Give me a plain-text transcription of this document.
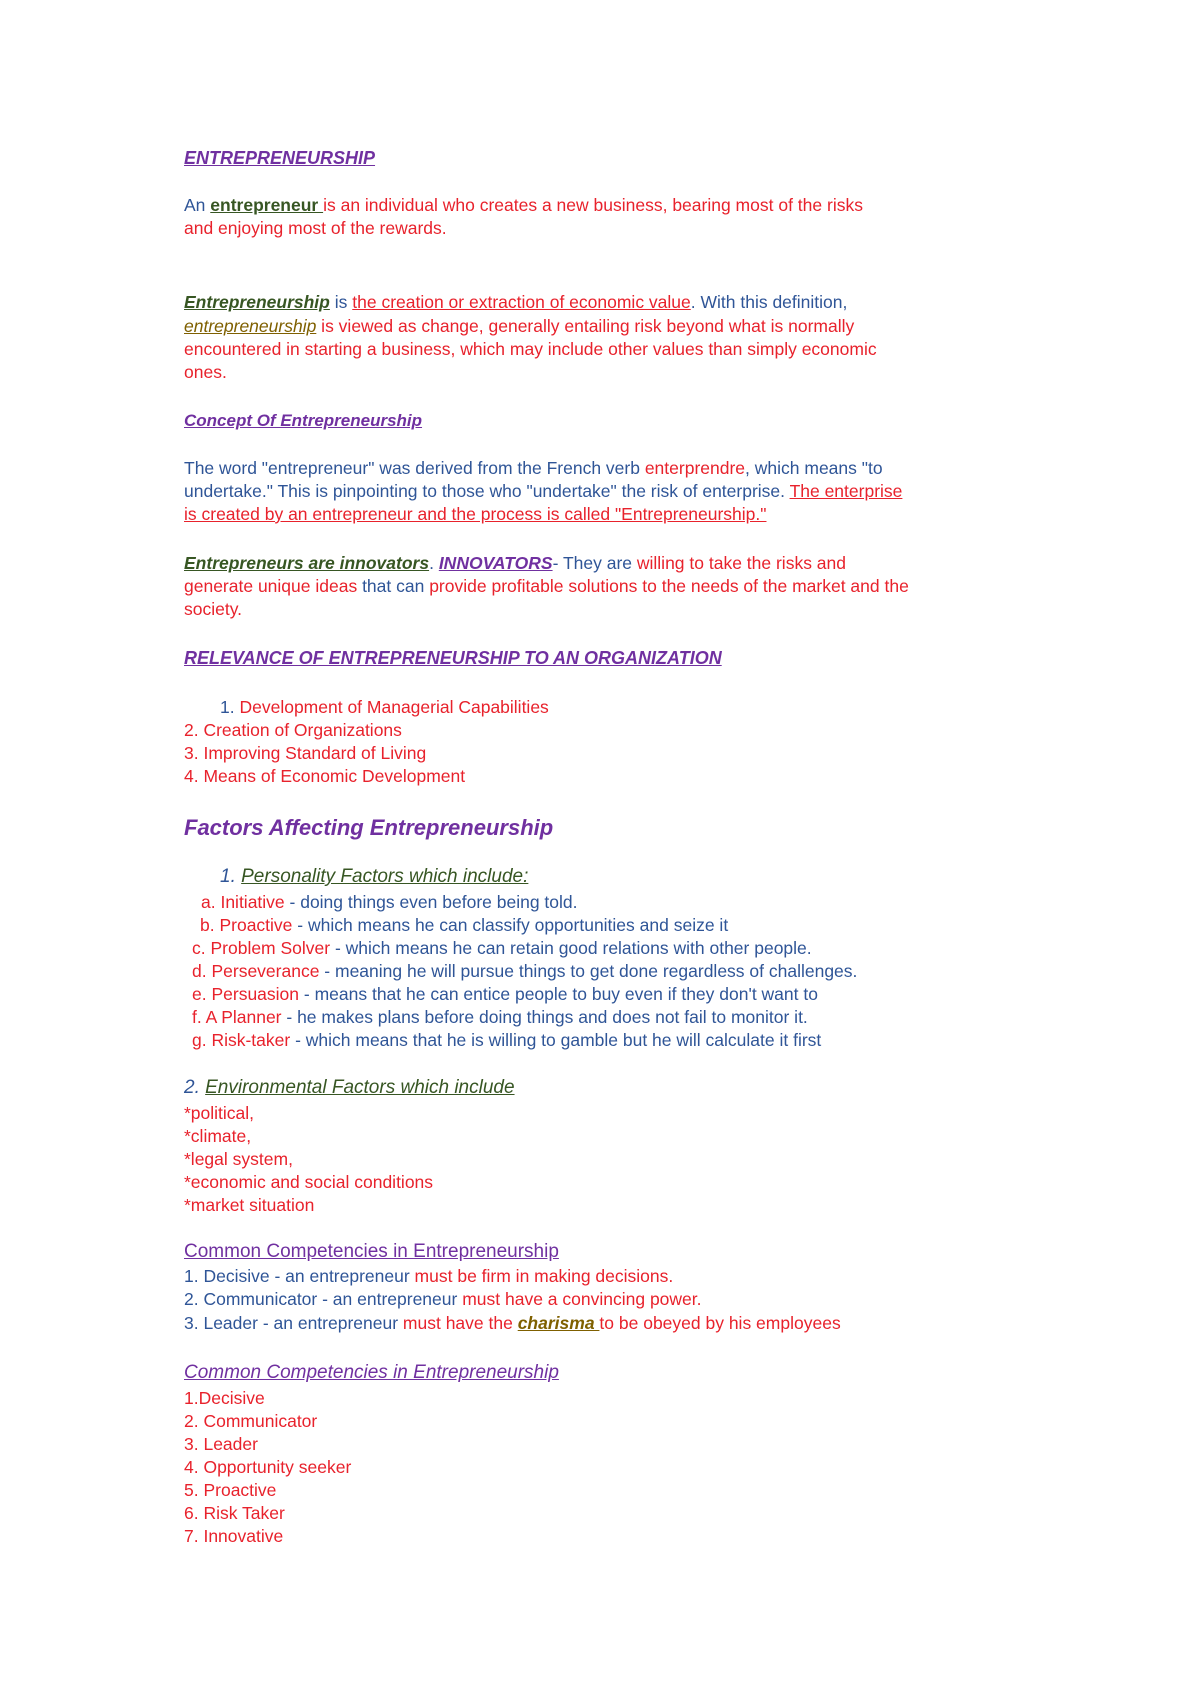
ENTREPRENEURSHIP
An entrepreneur is an individual who creates a new business, bearing most of the risks
and enjoying most of the rewards.
Entrepreneurship is the creation or extraction of economic value. With this definition,
entrepreneurship is viewed as change, generally entailing risk beyond what is normally
encountered in starting a business, which may include other values than simply economic
ones.
Concept Of Entrepreneurship
The word "entrepreneur" was derived from the French verb enterprendre, which means "to
undertake." This is pinpointing to those who "undertake" the risk of enterprise. The enterprise
is created by an entrepreneur and the process is called "Entrepreneurship."
Entrepreneurs are innovators. INNOVATORS- They are willing to take the risks and
generate unique ideas that can provide profitable solutions to the needs of the market and the
society.
RELEVANCE OF ENTREPRENEURSHIP TO AN ORGANIZATION
1. Development of Managerial Capabilities
2. Creation of Organizations
3. Improving Standard of Living
4. Means of Economic Development
Factors Affecting Entrepreneurship
1. Personality Factors which include:
a. Initiative - doing things even before being told.
b. Proactive - which means he can classify opportunities and seize it
c. Problem Solver - which means he can retain good relations with other people.
d. Perseverance - meaning he will pursue things to get done regardless of challenges.
e. Persuasion - means that he can entice people to buy even if they don't want to
f. A Planner - he makes plans before doing things and does not fail to monitor it.
g. Risk-taker - which means that he is willing to gamble but he will calculate it first
2. Environmental Factors which include
*political,
*climate,
*legal system,
*economic and social conditions
*market situation
Common Competencies in Entrepreneurship
1. Decisive - an entrepreneur must be firm in making decisions.
2. Communicator - an entrepreneur must have a convincing power.
3. Leader - an entrepreneur must have the charisma to be obeyed by his employees
Common Competencies in Entrepreneurship
1.Decisive
2. Communicator
3. Leader
4. Opportunity seeker
5. Proactive
6. Risk Taker
7. Innovative
